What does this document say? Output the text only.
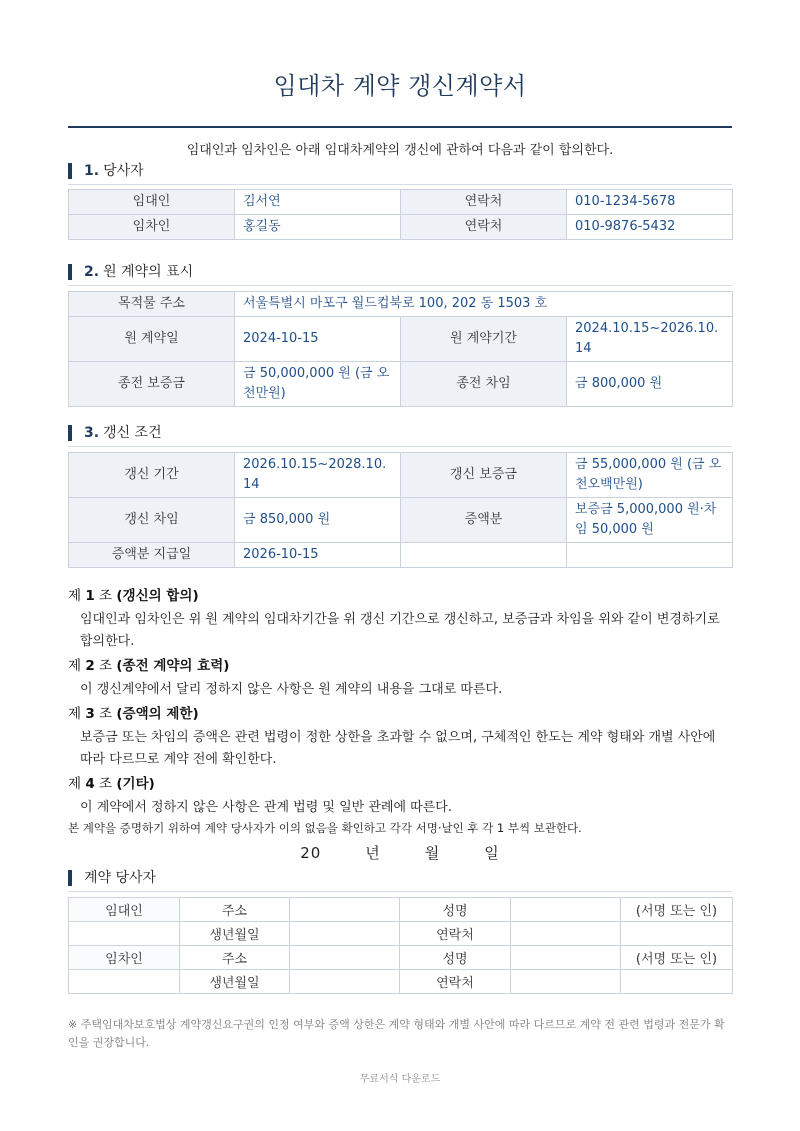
임대차 계약 갱신계약서
임대인과 임차인은 아래 임대차계약의 갱신에 관하여 다음과 같이 합의한다.
1. 당사자
임대인	김서연	연락처	010-1234-5678
임차인	홍길동	연락처	010-9876-5432
2. 원 계약의 표시
목적물 주소	서울특별시 마포구 월드컵북로 100, 202 동 1503 호		
원 계약일	2024-10-15	원 계약기간	2024.10.15~2026.10.14
종전 보증금	금 50,000,000 원 (금 오천만원)	종전 차임	금 800,000 원
3. 갱신 조건
갱신 기간	2026.10.15~2028.10.14	갱신 보증금	금 55,000,000 원 (금 오천오백만원)
갱신 차임	금 850,000 원	증액분	보증금 5,000,000 원·차임 50,000 원
증액분 지급일	2026-10-15		
제 1 조 (갱신의 합의)
임대인과 임차인은 위 원 계약의 임대차기간을 위 갱신 기간으로 갱신하고, 보증금과 차임을 위와 같이 변경하기로 합의한다.
제 2 조 (종전 계약의 효력)
이 갱신계약에서 달리 정하지 않은 사항은 원 계약의 내용을 그대로 따른다.
제 3 조 (증액의 제한)
보증금 또는 차임의 증액은 관련 법령이 정한 상한을 초과할 수 없으며, 구체적인 한도는 계약 형태와 개별 사안에 따라 다르므로 계약 전에 확인한다.
제 4 조 (기타)
이 계약에서 정하지 않은 사항은 관계 법령 및 일반 관례에 따른다.
본 계약을 증명하기 위하여 계약 당사자가 이의 없음을 확인하고 각각 서명·날인 후 각 1 부씩 보관한다.
20	년	월	일
계약 당사자
임대인	주소		성명		(서명 또는 인)
	생년월일		연락처		
임차인	주소		성명		(서명 또는 인)
	생년월일		연락처		
※ 주택임대차보호법상 계약갱신요구권의 인정 여부와 증액 상한은 계약 형태와 개별 사안에 따라 다르므로 계약 전 관련 법령과 전문가 확인을 권장합니다.
무료서식 다운로드
